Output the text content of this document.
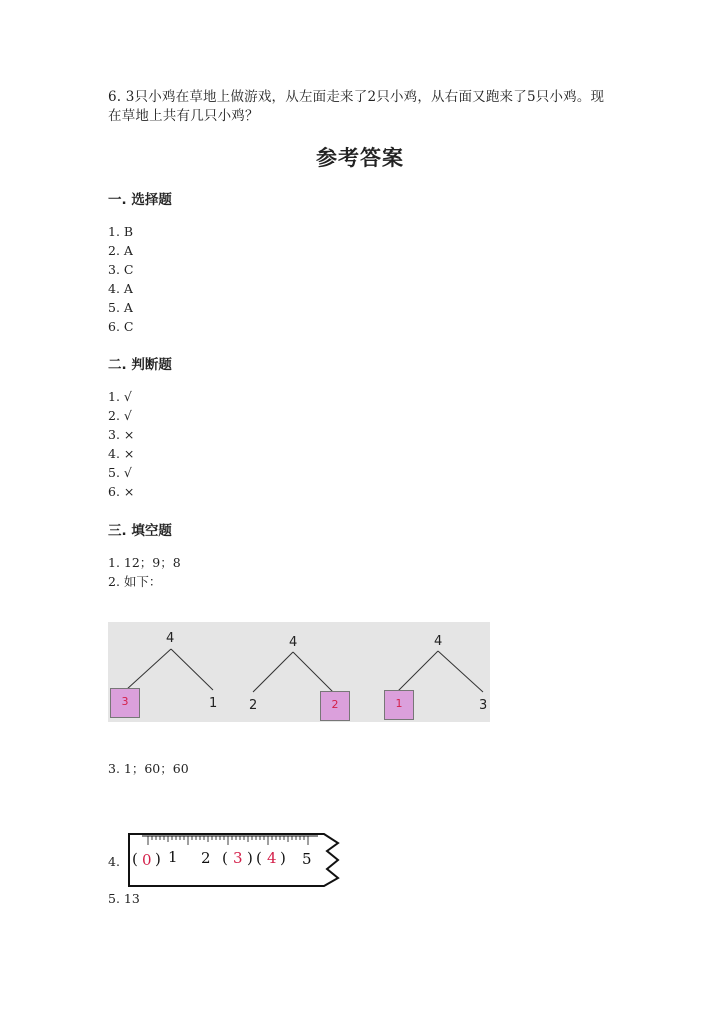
6. 3只小鸡在草地上做游戏，从左面走来了2只小鸡，从右面又跑来了5只小鸡。现在草地上共有几只小鸡？
参考答案
一. 选择题
1. B
2. A
3. C
4. A
5. A
6. C
二. 判断题
1. √
2. √
3. ×
4. ×
5. √
6. ×
三. 填空题
1. 12；9；8
2. 如下：
4
3	1
4
2	2
4
1	3
3. 1；60；60
4. ( 0 ) 1 2 ( 3 ) ( 4 ) 5
5. 13
